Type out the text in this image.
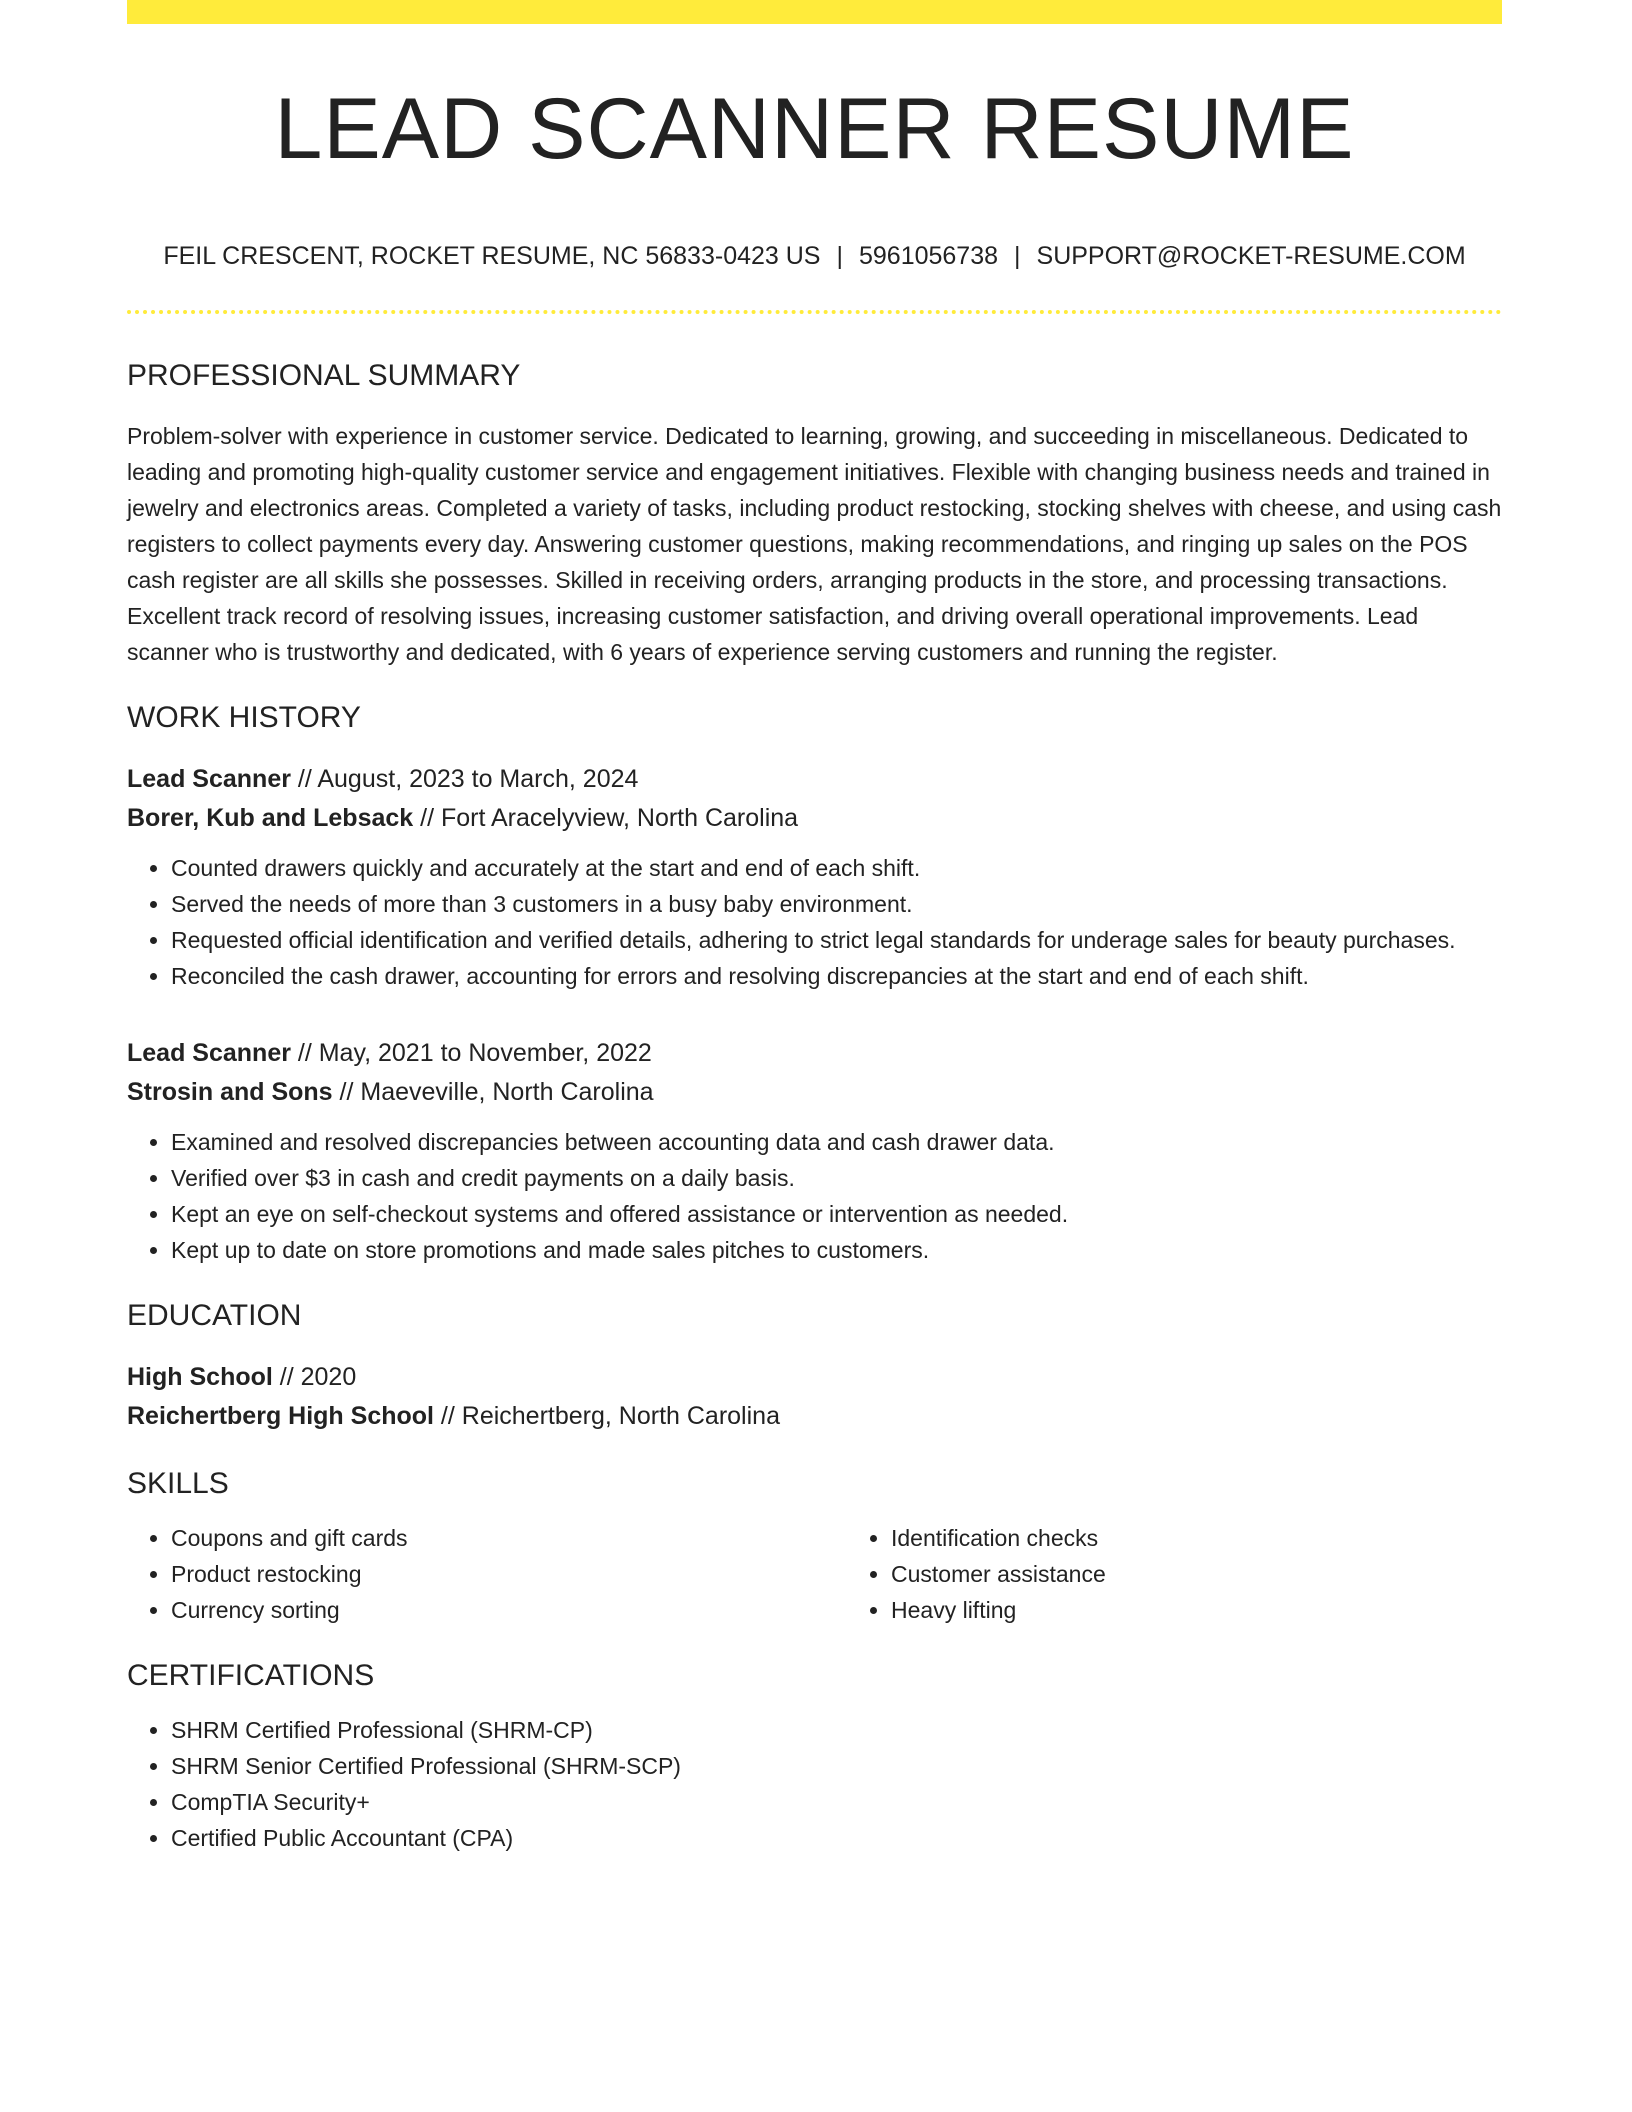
LEAD SCANNER RESUME
FEIL CRESCENT, ROCKET RESUME, NC 56833-0423 US | 5961056738 | SUPPORT@ROCKET-RESUME.COM
PROFESSIONAL SUMMARY

Problem-solver with experience in customer service. Dedicated to learning, growing, and succeeding in miscellaneous. Dedicated to leading and promoting high-quality customer service and engagement initiatives. Flexible with changing business needs and trained in jewelry and electronics areas. Completed a variety of tasks, including product restocking, stocking shelves with cheese, and using cash registers to collect payments every day. Answering customer questions, making recommendations, and ringing up sales on the POS cash register are all skills she possesses. Skilled in receiving orders, arranging products in the store, and processing transactions. Excellent track record of resolving issues, increasing customer satisfaction, and driving overall operational improvements. Lead scanner who is trustworthy and dedicated, with 6 years of experience serving customers and running the register.

WORK HISTORY
Lead Scanner // August, 2023 to March, 2024
Borer, Kub and Lebsack // Fort Aracelyview, North Carolina
• Counted drawers quickly and accurately at the start and end of each shift.
• Served the needs of more than 3 customers in a busy baby environment.
• Requested official identification and verified details, adhering to strict legal standards for underage sales for beauty purchases.
• Reconciled the cash drawer, accounting for errors and resolving discrepancies at the start and end of each shift.
Lead Scanner // May, 2021 to November, 2022
Strosin and Sons // Maeveville, North Carolina
• Examined and resolved discrepancies between accounting data and cash drawer data.
• Verified over $3 in cash and credit payments on a daily basis.
• Kept an eye on self-checkout systems and offered assistance or intervention as needed.
• Kept up to date on store promotions and made sales pitches to customers.
EDUCATION
High School // 2020
Reichertberg High School // Reichertberg, North Carolina
SKILLS
• Coupons and gift cards
• Product restocking
• Currency sorting
• Identification checks
• Customer assistance
• Heavy lifting
CERTIFICATIONS
• SHRM Certified Professional (SHRM-CP)
• SHRM Senior Certified Professional (SHRM-SCP)
• CompTIA Security+
• Certified Public Accountant (CPA)
